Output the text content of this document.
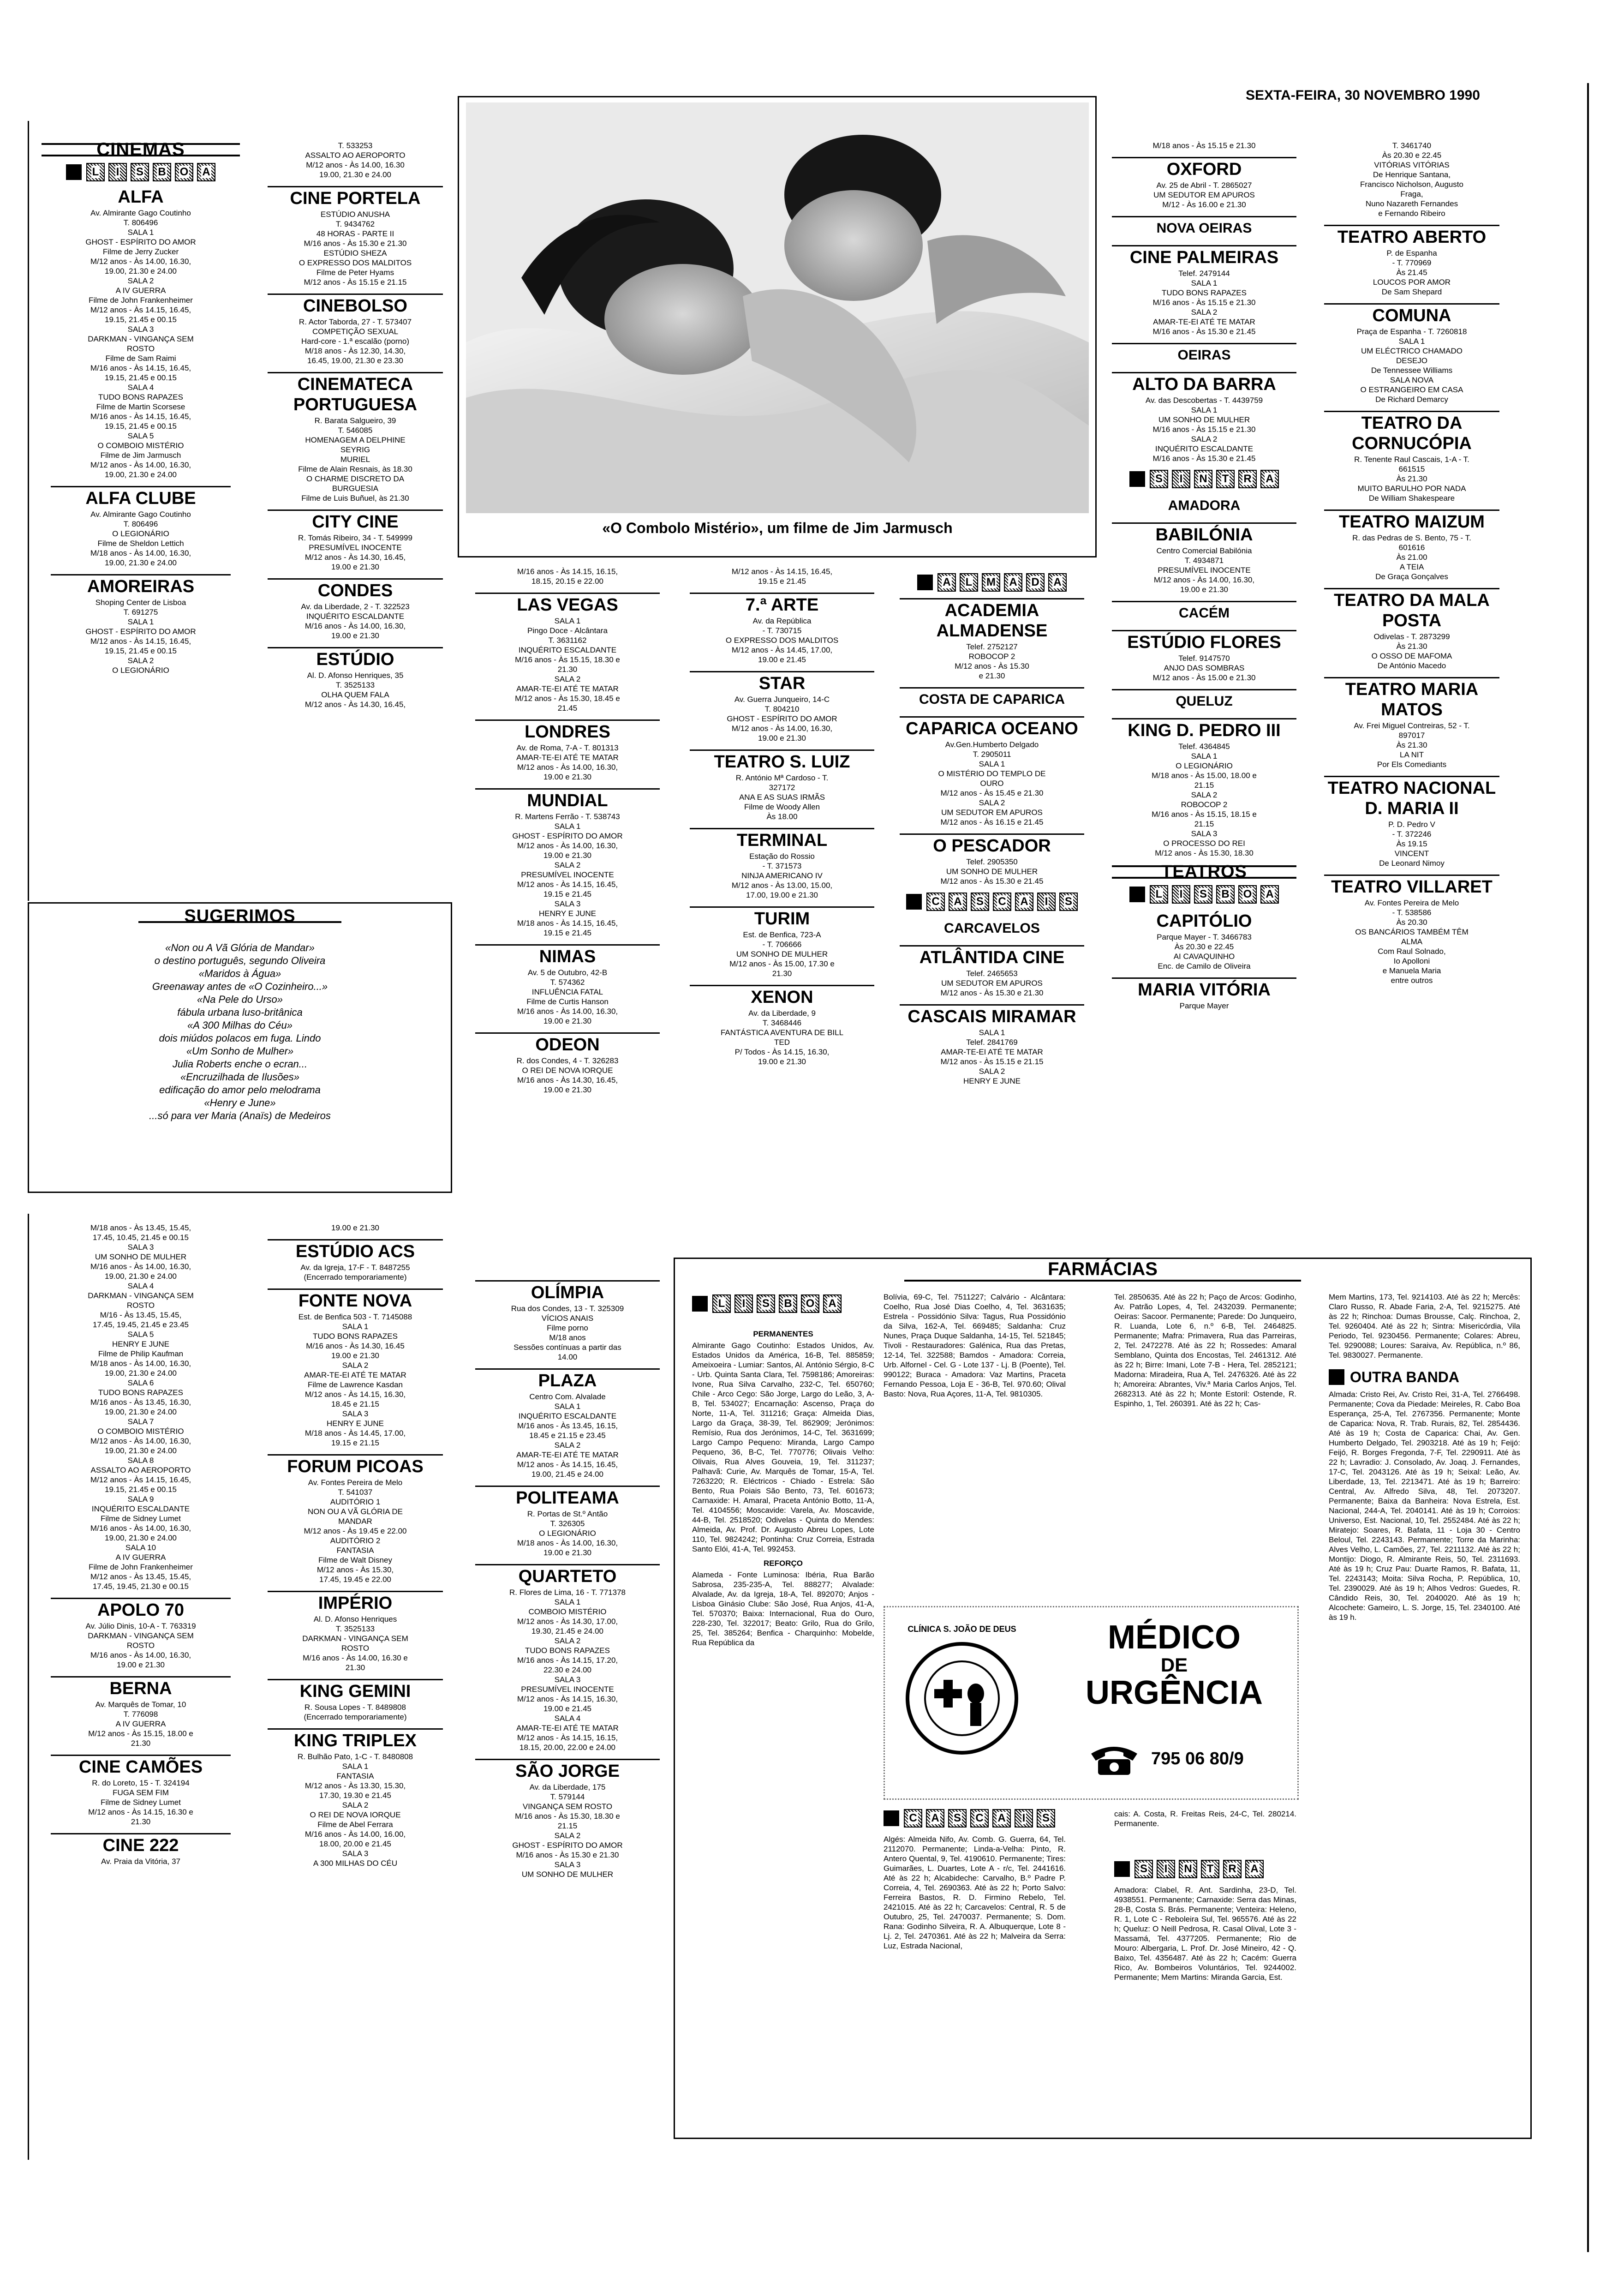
SEXTA-FEIRA, 30 NOVEMBRO 1990
CINEMAS
L	I	S	B	O	A
ALFA
Av. Almirante Gago Coutinho
T. 806496
SALA 1
GHOST - ESPÍRITO DO AMOR
Filme de Jerry Zucker
M/12 anos - Às 14.00, 16.30,
19.00, 21.30 e 24.00
SALA 2
A IV GUERRA
Filme de John Frankenheimer
M/12 anos - Às 14.15, 16.45,
19.15, 21.45 e 00.15
SALA 3
DARKMAN - VINGANÇA SEM
ROSTO
Filme de Sam Raimi
M/16 anos - Às 14.15, 16.45,
19.15, 21.45 e 00.15
SALA 4
TUDO BONS RAPAZES
Filme de Martin Scorsese
M/16 anos - Às 14.15, 16.45,
19.15, 21.45 e 00.15
SALA 5
O COMBOIO MISTÉRIO
Filme de Jim Jarmusch
M/12 anos - Às 14.00, 16.30,
19.00, 21.30 e 24.00
ALFA CLUBE
Av. Almirante Gago Coutinho
T. 806496
O LEGIONÁRIO
Filme de Sheldon Lettich
M/18 anos - Às 14.00, 16.30,
19.00, 21.30 e 24.00
AMOREIRAS
Shoping Center de Lisboa
T. 691275
SALA 1
GHOST - ESPÍRITO DO AMOR
M/12 anos - Às 14.15, 16.45,
19.15, 21.45 e 00.15
SALA 2
O LEGIONÁRIO
SUGERIMOS
«Non ou A Vã Glória de Mandar»
o destino português, segundo Oliveira
«Maridos à Água»
Greenaway antes de «O Cozinheiro...»
«Na Pele do Urso»
fábula urbana luso-britânica
«A 300 Milhas do Céu»
dois miúdos polacos em fuga. Lindo
«Um Sonho de Mulher»
Julia Roberts enche o ecran...
«Encruzilhada de Ilusões»
edificação do amor pelo melodrama
«Henry e June»
...só para ver Maria (Anaïs) de Medeiros
T. 533253
ASSALTO AO AEROPORTO
M/12 anos - Às 14.00, 16.30
19.00, 21.30 e 24.00
CINE PORTELA
ESTÚDIO ANUSHA
T. 9434762
48 HORAS - PARTE II
M/16 anos - Às 15.30 e 21.30
ESTÚDIO SHEZA
O EXPRESSO DOS MALDITOS
Filme de Peter Hyams
M/12 anos - Às 15.15 e 21.15
CINEBOLSO
R. Actor Taborda, 27 - T. 573407
COMPETIÇÃO SEXUAL
Hard-core - 1.ª escalão (porno)
M/18 anos - Às 12.30, 14.30,
16.45, 19.00, 21.30 e 23.30
CINEMATECA PORTUGUESA
R. Barata Salgueiro, 39
T. 546085
HOMENAGEM A DELPHINE
SEYRIG
MURIEL
Filme de Alain Resnais, às 18.30
O CHARME DISCRETO DA
BURGUESIA
Filme de Luis Buñuel, às 21.30
CITY CINE
R. Tomás Ribeiro, 34 - T. 549999
PRESUMÍVEL INOCENTE
M/12 anos - Às 14.30, 16.45,
19.00 e 21.30
CONDES
Av. da Liberdade, 2 - T. 322523
INQUÉRITO ESCALDANTE
M/16 anos - Às 14.00, 16.30,
19.00 e 21.30
ESTÚDIO
Al. D. Afonso Henriques, 35
T. 3525133
OLHA QUEM FALA
M/12 anos - Às 14.30, 16.45,
«O Combolo Mistério», um filme de Jim Jarmusch
M/16 anos - Às 14.15, 16.15,
18.15, 20.15 e 22.00
LAS VEGAS
SALA 1
Pingo Doce - Alcântara
T. 3631162
INQUÉRITO ESCALDANTE
M/16 anos - Às 15.15, 18.30 e
21.30
SALA 2
AMAR-TE-EI ATÉ TE MATAR
M/12 anos - Às 15.30, 18.45 e
21.45
LONDRES
Av. de Roma, 7-A - T. 801313
AMAR-TE-EI ATÉ TE MATAR
M/12 anos - Às 14.00, 16.30,
19.00 e 21.30
MUNDIAL
R. Martens Ferrão - T. 538743
SALA 1
GHOST - ESPÍRITO DO AMOR
M/12 anos - Às 14.00, 16.30,
19.00 e 21.30
SALA 2
PRESUMÍVEL INOCENTE
M/12 anos - Às 14.15, 16.45,
19.15 e 21.45
SALA 3
HENRY E JUNE
M/18 anos - Às 14.15, 16.45,
19.15 e 21.45
NIMAS
Av. 5 de Outubro, 42-B
T. 574362
INFLUÊNCIA FATAL
Filme de Curtis Hanson
M/16 anos - Às 14.00, 16.30,
19.00 e 21.30
ODEON
R. dos Condes, 4 - T. 326283
O REI DE NOVA IORQUE
M/16 anos - Às 14.30, 16.45,
19.00 e 21.30
M/12 anos - Às 14.15, 16.45,
19.15 e 21.45
7.ª ARTE
Av. da República
- T. 730715
O EXPRESSO DOS MALDITOS
M/12 anos - Às 14.45, 17.00,
19.00 e 21.45
STAR
Av. Guerra Junqueiro, 14-C
T. 804210
GHOST - ESPÍRITO DO AMOR
M/12 anos - Às 14.00, 16.30,
19.00 e 21.30
TEATRO S. LUIZ
R. António Mª Cardoso - T.
327172
ANA E AS SUAS IRMÃS
Filme de Woody Allen
Às 18.00
TERMINAL
Estação do Rossio
- T. 371573
NINJA AMERICANO IV
M/12 anos - Às 13.00, 15.00,
17.00, 19.00 e 21.30
TURIM
Est. de Benfica, 723-A
- T. 706666
UM SONHO DE MULHER
M/12 anos - Às 15.00, 17.30 e
21.30
XENON
Av. da Liberdade, 9
T. 3468446
FANTÁSTICA AVENTURA DE BILL
TED
P/ Todos - Às 14.15, 16.30,
19.00 e 21.30
A	L	M	A	D	A
ACADEMIA ALMADENSE
Telef. 2752127
ROBOCOP 2
M/12 anos - Às 15.30
e 21.30
COSTA DE CAPARICA
CAPARICA OCEANO
Av.Gen.Humberto Delgado
T. 2905011
SALA 1
O MISTÉRIO DO TEMPLO DE
OURO
M/12 anos - Às 15.45 e 21.30
SALA 2
UM SEDUTOR EM APUROS
M/12 anos - Às 16.15 e 21.45
O PESCADOR
Telef. 2905350
UM SONHO DE MULHER
M/12 anos - Às 15.30 e 21.45
C	A	S	C	A	I	S
CARCAVELOS
ATLÂNTIDA CINE
Telef. 2465653
UM SEDUTOR EM APUROS
M/12 anos - Às 15.30 e 21.30
CASCAIS MIRAMAR
SALA 1
Telef. 2841769
AMAR-TE-EI ATÉ TE MATAR
M/12 anos - Às 15.15 e 21.15
SALA 2
HENRY E JUNE
M/18 anos - Às 15.15 e 21.30
OXFORD
Av. 25 de Abril - T. 2865027
UM SEDUTOR EM APUROS
M/12 - Às 16.00 e 21.30
NOVA OEIRAS
CINE PALMEIRAS
Telef. 2479144
SALA 1
TUDO BONS RAPAZES
M/16 anos - Às 15.15 e 21.30
SALA 2
AMAR-TE-EI ATÉ TE MATAR
M/16 anos - Às 15.30 e 21.45
OEIRAS
ALTO DA BARRA
Av. das Descobertas - T. 4439759
SALA 1
UM SONHO DE MULHER
M/16 anos - Às 15.15 e 21.30
SALA 2
INQUÉRITO ESCALDANTE
M/16 anos - Às 15.30 e 21.45
S	I	N	T	R	A
AMADORA
BABILÓNIA
Centro Comercial Babilónia
T. 4934871
PRESUMÍVEL INOCENTE
M/12 anos - Às 14.00, 16.30,
19.00 e 21.30
CACÉM
ESTÚDIO FLORES
Telef. 9147570
ANJO DAS SOMBRAS
M/12 anos - Às 15.00 e 21.30
QUELUZ
KING D. PEDRO III
Telef. 4364845
SALA 1
O LEGIONÁRIO
M/18 anos - Às 15.00, 18.00 e
21.15
SALA 2
ROBOCOP 2
M/16 anos - Às 15.15, 18.15 e
21.15
SALA 3
O PROCESSO DO REI
M/12 anos - Às 15.30, 18.30
TEATROS
L	I	S	B	O	A
CAPITÓLIO
Parque Mayer - T. 3466783
Às 20.30 e 22.45
AI CAVAQUINHO
Enc. de Camilo de Oliveira
MARIA VITÓRIA
Parque Mayer
T. 3461740
Às 20.30 e 22.45
VITÓRIAS VITÓRIAS
De Henrique Santana,
Francisco Nicholson, Augusto
Fraga,
Nuno Nazareth Fernandes
e Fernando Ribeiro
TEATRO ABERTO
P. de Espanha
- T. 770969
Às 21.45
LOUCOS POR AMOR
De Sam Shepard
COMUNA
Praça de Espanha - T. 7260818
SALA 1
UM ELÉCTRICO CHAMADO
DESEJO
De Tennessee Williams
SALA NOVA
O ESTRANGEIRO EM CASA
De Richard Demarcy
TEATRO DA CORNUCÓPIA
R. Tenente Raul Cascais, 1-A - T.
661515
Às 21.30
MUITO BARULHO POR NADA
De William Shakespeare
TEATRO MAIZUM
R. das Pedras de S. Bento, 75 - T.
601616
Às 21.00
A TEIA
De Graça Gonçalves
TEATRO DA MALA POSTA
Odivelas - T. 2873299
Às 21.30
O OSSO DE MAFOMA
De António Macedo
TEATRO MARIA MATOS
Av. Frei Miguel Contreiras, 52 - T.
897017
Às 21.30
LA NIT
Por Els Comediants
TEATRO NACIONAL D. MARIA II
P. D. Pedro V
- T. 372246
Às 19.15
VINCENT
De Leonard Nimoy
TEATRO VILLARET
Av. Fontes Pereira de Melo
- T. 538586
Às 20.30
OS BANCÁRIOS TAMBÉM TÊM
ALMA
Com Raul Solnado,
Io Apolloni
e Manuela Maria
entre outros
M/18 anos - Às 13.45, 15.45,
17.45, 10.45, 21.45 e 00.15
SALA 3
UM SONHO DE MULHER
M/16 anos - Às 14.00, 16.30,
19.00, 21.30 e 24.00
SALA 4
DARKMAN - VINGANÇA SEM
ROSTO
M/16 - Às 13.45, 15.45,
17.45, 19.45, 21.45 e 23.45
SALA 5
HENRY E JUNE
Filme de Philip Kaufman
M/18 anos - Às 14.00, 16.30,
19.00, 21.30 e 24.00
SALA 6
TUDO BONS RAPAZES
M/16 anos - Às 13.45, 16.30,
19.00, 21.30 e 24.00
SALA 7
O COMBOIO MISTÉRIO
M/12 anos - Às 14.00, 16.30,
19.00, 21.30 e 24.00
SALA 8
ASSALTO AO AEROPORTO
M/12 anos - Às 14.15, 16.45,
19.15, 21.45 e 00.15
SALA 9
INQUÉRITO ESCALDANTE
Filme de Sidney Lumet
M/16 anos - Às 14.00, 16.30,
19.00, 21.30 e 24.00
SALA 10
A IV GUERRA
Filme de John Frankenheimer
M/12 anos - Às 13.45, 15.45,
17.45, 19.45, 21.30 e 00.15
APOLO 70
Av. Júlio Dinis, 10-A - T. 763319
DARKMAN - VINGANÇA SEM
ROSTO
M/16 anos - Às 14.00, 16.30,
19.00 e 21.30
BERNA
Av. Marquês de Tomar, 10
T. 776098
A IV GUERRA
M/12 anos - Às 15.15, 18.00 e
21.30
CINE CAMÕES
R. do Loreto, 15 - T. 324194
FUGA SEM FIM
Filme de Sidney Lumet
M/12 anos - Às 14.15, 16.30 e
21.30
CINE 222
Av. Praia da Vitória, 37
19.00 e 21.30
ESTÚDIO ACS
Av. da Igreja, 17-F - T. 8487255
(Encerrado temporariamente)
FONTE NOVA
Est. de Benfica 503 - T. 7145088
SALA 1
TUDO BONS RAPAZES
M/16 anos - Às 14.30, 16.45
19.00 e 21.30
SALA 2
AMAR-TE-EI ATÉ TE MATAR
Filme de Lawrence Kasdan
M/12 anos - Às 14.15, 16.30,
18.45 e 21.15
SALA 3
HENRY E JUNE
M/18 anos - Às 14.45, 17.00,
19.15 e 21.15
FORUM PICOAS
Av. Fontes Pereira de Melo
T. 541037
AUDITÓRIO 1
NON OU A VÃ GLÓRIA DE
MANDAR
M/12 anos - Às 19.45 e 22.00
AUDITÓRIO 2
FANTASIA
Filme de Walt Disney
M/12 anos - Às 15.30,
17.45, 19.45 e 22.00
IMPÉRIO
Al. D. Afonso Henriques
T. 3525133
DARKMAN - VINGANÇA SEM
ROSTO
M/16 anos - Às 14.00, 16.30 e
21.30
KING GEMINI
R. Sousa Lopes - T. 8489808
(Encerrado temporariamente)
KING TRIPLEX
R. Bulhão Pato, 1-C - T. 8480808
SALA 1
FANTASIA
M/12 anos - Às 13.30, 15.30,
17.30, 19.30 e 21.45
SALA 2
O REI DE NOVA IORQUE
Filme de Abel Ferrara
M/16 anos - Às 14.00, 16.00,
18.00, 20.00 e 21.45
SALA 3
A 300 MILHAS DO CÉU
OLÍMPIA
Rua dos Condes, 13 - T. 325309
VÍCIOS ANAIS
Filme porno
M/18 anos
Sessões contínuas a partir das
14.00
PLAZA
Centro Com. Alvalade
SALA 1
INQUÉRITO ESCALDANTE
M/16 anos - Às 13.45, 16.15,
18.45 e 21.15 e 23.45
SALA 2
AMAR-TE-EI ATÉ TE MATAR
M/12 anos - Às 14.15, 16.45,
19.00, 21.45 e 24.00
POLITEAMA
R. Portas de St.º Antão
T. 326305
O LEGIONÁRIO
M/18 anos - Às 14.00, 16.30,
19.00 e 21.30
QUARTETO
R. Flores de Lima, 16 - T. 771378
SALA 1
COMBOIO MISTÉRIO
M/12 anos - Às 14.30, 17.00,
19.30, 21.45 e 24.00
SALA 2
TUDO BONS RAPAZES
M/16 anos - Às 14.15, 17.20,
22.30 e 24.00
SALA 3
PRESUMÍVEL INOCENTE
M/12 anos - Às 14.15, 16.30,
19.00 e 21.45
SALA 4
AMAR-TE-EI ATÉ TE MATAR
M/12 anos - Às 14.15, 16.15,
18.15, 20.00, 22.00 e 24.00
SÃO JORGE
Av. da Liberdade, 175
T. 579144
VINGANÇA SEM ROSTO
M/16 anos - Às 15.30, 18.30 e
21.15
SALA 2
GHOST - ESPÍRITO DO AMOR
M/16 anos - Às 15.30 e 21.30
SALA 3
UM SONHO DE MULHER
FARMÁCIAS
L	I	S	B	O	A
PERMANENTES
Almirante Gago Coutinho: Estados Unidos, Av. Estados Unidos da América, 16-B, Tel. 885859; Ameixoeira - Lumiar: Santos, Al. António Sérgio, 8-C - Urb. Quinta Santa Clara, Tel. 7598186; Amoreiras: Ivone, Rua Silva Carvalho, 232-C, Tel. 650760; Chile - Arco Cego: São Jorge, Largo do Leão, 3, A-B, Tel. 534027; Encarnação: Ascenso, Praça do Norte, 11-A, Tel. 311216; Graça: Almeida Dias, Largo da Graça, 38-39, Tel. 862909; Jerónimos: Remísio, Rua dos Jerónimos, 14-C, Tel. 3631699; Largo Campo Pequeno: Miranda, Largo Campo Pequeno, 36, B-C, Tel. 770776; Olivais Velho: Olivais, Rua Alves Gouveia, 19, Tel. 311237; Palhavã: Curie, Av. Marquês de Tomar, 15-A, Tel. 7263220; R. Eléctricos - Chiado - Estrela: São Bento, Rua Poiais São Bento, 73, Tel. 601673; Carnaxide: H. Amaral, Praceta António Botto, 11-A, Tel. 4104556; Moscavide: Varela, Av. Moscavide, 44-B, Tel. 2518520; Odivelas - Quinta do Mendes: Almeida, Av. Prof. Dr. Augusto Abreu Lopes, Lote 110, Tel. 9824242; Pontinha: Cruz Correia, Estrada Santo Elói, 41-A, Tel. 992453.
REFORÇO
Alameda - Fonte Luminosa: Ibéria, Rua Barão Sabrosa, 235-235-A, Tel. 888277; Alvalade: Alvalade, Av. da Igreja, 18-A, Tel. 892070; Anjos - Lisboa Ginásio Clube: São José, Rua Anjos, 41-A, Tel. 570370; Baixa: Internacional, Rua do Ouro, 228-230, Tel. 322017; Beato: Grilo, Rua do Grilo, 25, Tel. 385264; Benfica - Charquinho: Mobelde, Rua República da
Bolívia, 69-C, Tel. 7511227; Calvário - Alcântara: Coelho, Rua José Dias Coelho, 4, Tel. 3631635; Estrela - Possidónio Silva: Tagus, Rua Possidónio da Silva, 162-A, Tel. 669485; Saldanha: Cruz Nunes, Praça Duque Saldanha, 14-15, Tel. 521845; Tivoli - Restauradores: Galénica, Rua das Pretas, 12-14, Tel. 322588; Bamdos - Amadora: Correia, Urb. Alfornel - Cel. G - Lote 137 - Lj. B (Poente), Tel. 990122; Buraca - Amadora: Vaz Martins, Praceta Fernando Pessoa, Loja E - 36-B, Tel. 970.60; Olival Basto: Nova, Rua Açores, 11-A, Tel. 9810305.
Tel. 2850635. Até às 22 h; Paço de Arcos: Godinho, Av. Patrão Lopes, 4, Tel. 2432039. Permanente; Oeiras: Sacoor. Permanente; Parede: Do Junqueiro, R. Luanda, Lote 6, n.º 6-B, Tel. 2464825. Permanente; Mafra: Primavera, Rua das Parreiras, 2, Tel. 2472278. Até às 22 h; Rossedes: Amaral Semblano, Quinta dos Encostas, Tel. 2461312. Até às 22 h; Birre: Imani, Lote 7-B - Hera, Tel. 2852121; Madorna: Miradeira, Rua A, Tel. 2476326. Até às 22 h; Amoreira: Abrantes, Viv.ª Maria Carlos Anjos, Tel. 2682313. Até às 22 h; Monte Estoril: Ostende, R. Espinho, 1, Tel. 260391. Até às 22 h; Cas-
Mem Martins, 173, Tel. 9214103. Até às 22 h; Mercês: Claro Russo, R. Abade Faria, 2-A, Tel. 9215275. Até às 22 h; Rinchoa: Dumas Brousse, Calç. Rinchoa, 2, Tel. 9260404. Até às 22 h; Sintra: Misericórdia, Vila Periodo, Tel. 9230456. Permanente; Colares: Abreu, Tel. 9290088; Loures: Saraiva, Av. República, n.º 86, Tel. 9830027. Permanente.
OUTRA BANDA
Almada: Cristo Rei, Av. Cristo Rei, 31-A, Tel. 2766498. Permanente; Cova da Piedade: Meireles, R. Cabo Boa Esperança, 25-A, Tel. 2767356. Permanente; Monte de Caparica: Nova, R. Trab. Rurais, 82, Tel. 2854436. Até às 19 h; Costa de Caparica: Chai, Av. Gen. Humberto Delgado, Tel. 2903218. Até às 19 h; Feijó: Feijó, R. Borges Fregonda, 7-F, Tel. 2290911. Até às 22 h; Lavradio: J. Consolado, Av. Joaq. J. Fernandes, 17-C, Tel. 2043126. Até às 19 h; Seixal: Leão, Av. Liberdade, 13, Tel. 2213471. Até às 19 h; Barreiro: Central, Av. Alfredo Silva, 48, Tel. 2073207. Permanente; Baixa da Banheira: Nova Estrela, Est. Nacional, 244-A, Tel. 2040141. Até às 19 h; Corroios: Universo, Est. Nacional, 10, Tel. 2552484. Até às 22 h; Miratejo: Soares, R. Bafata, 11 - Loja 30 - Centro Beloul, Tel. 2243143. Permanente; Torre da Marinha: Alves Velho, L. Camões, 27, Tel. 2211132. Até às 22 h; Montijo: Diogo, R. Almirante Reis, 50, Tel. 2311693. Até às 19 h; Cruz Pau: Duarte Ramos, R. Bafata, 11, Tel. 2243143; Moita: Silva Rocha, P. República, 10, Tel. 2390029. Até às 19 h; Alhos Vedros: Guedes, R. Cândido Reis, 30, Tel. 2040020. Até às 19 h; Alcochete: Gameiro, L. S. Jorge, 15, Tel. 2340100. Até às 19 h.
CLÍNICA S. JOÃO DE DEUS	MÉDICO
DE
URGÊNCIA
795 06 80/9
C	A	S	C	A	I	S
Algés: Almeida Nifo, Av. Comb. G. Guerra, 64, Tel. 2112070. Permanente; Linda-a-Velha: Pinto, R. Antero Quental, 9, Tel. 4190610. Permanente; Tires: Guimarães, L. Duartes, Lote A - r/c, Tel. 2441616. Até às 22 h; Alcabideche: Carvalho, B.º Padre P. Correia, 4, Tel. 2690363. Até às 22 h; Porto Salvo: Ferreira Bastos, R. D. Firmino Rebelo, Tel. 2421015. Até às 22 h; Carcavelos: Central, R. 5 de Outubro, 25, Tel. 2470037. Permanente; S. Dom. Rana: Godinho Silveira, R. A. Albuquerque, Lote 8 - Lj. 2, Tel. 2470361. Até às 22 h; Malveira da Serra: Luz, Estrada Nacional,
cais: A. Costa, R. Freitas Reis, 24-C, Tel. 280214. Permanente.
S	I	N	T	R	A
Amadora: Clabel, R. Ant. Sardinha, 23-D, Tel. 4938551. Permanente; Carnaxide: Serra das Minas, 28-B, Costa S. Brás. Permanente; Venteira: Heleno, R. 1, Lote C - Reboleira Sul, Tel. 965576. Até às 22 h; Queluz: O Neill Pedrosa, R. Casal Olival, Lote 3 - Massamá, Tel. 4377205. Permanente; Rio de Mouro: Albergaria, L. Prof. Dr. José Mineiro, 42 - Q. Baixo, Tel. 4356487. Até às 22 h; Cacém: Guerra Rico, Av. Bombeiros Voluntários, Tel. 9244002. Permanente; Mem Martins: Miranda Garcia, Est.
